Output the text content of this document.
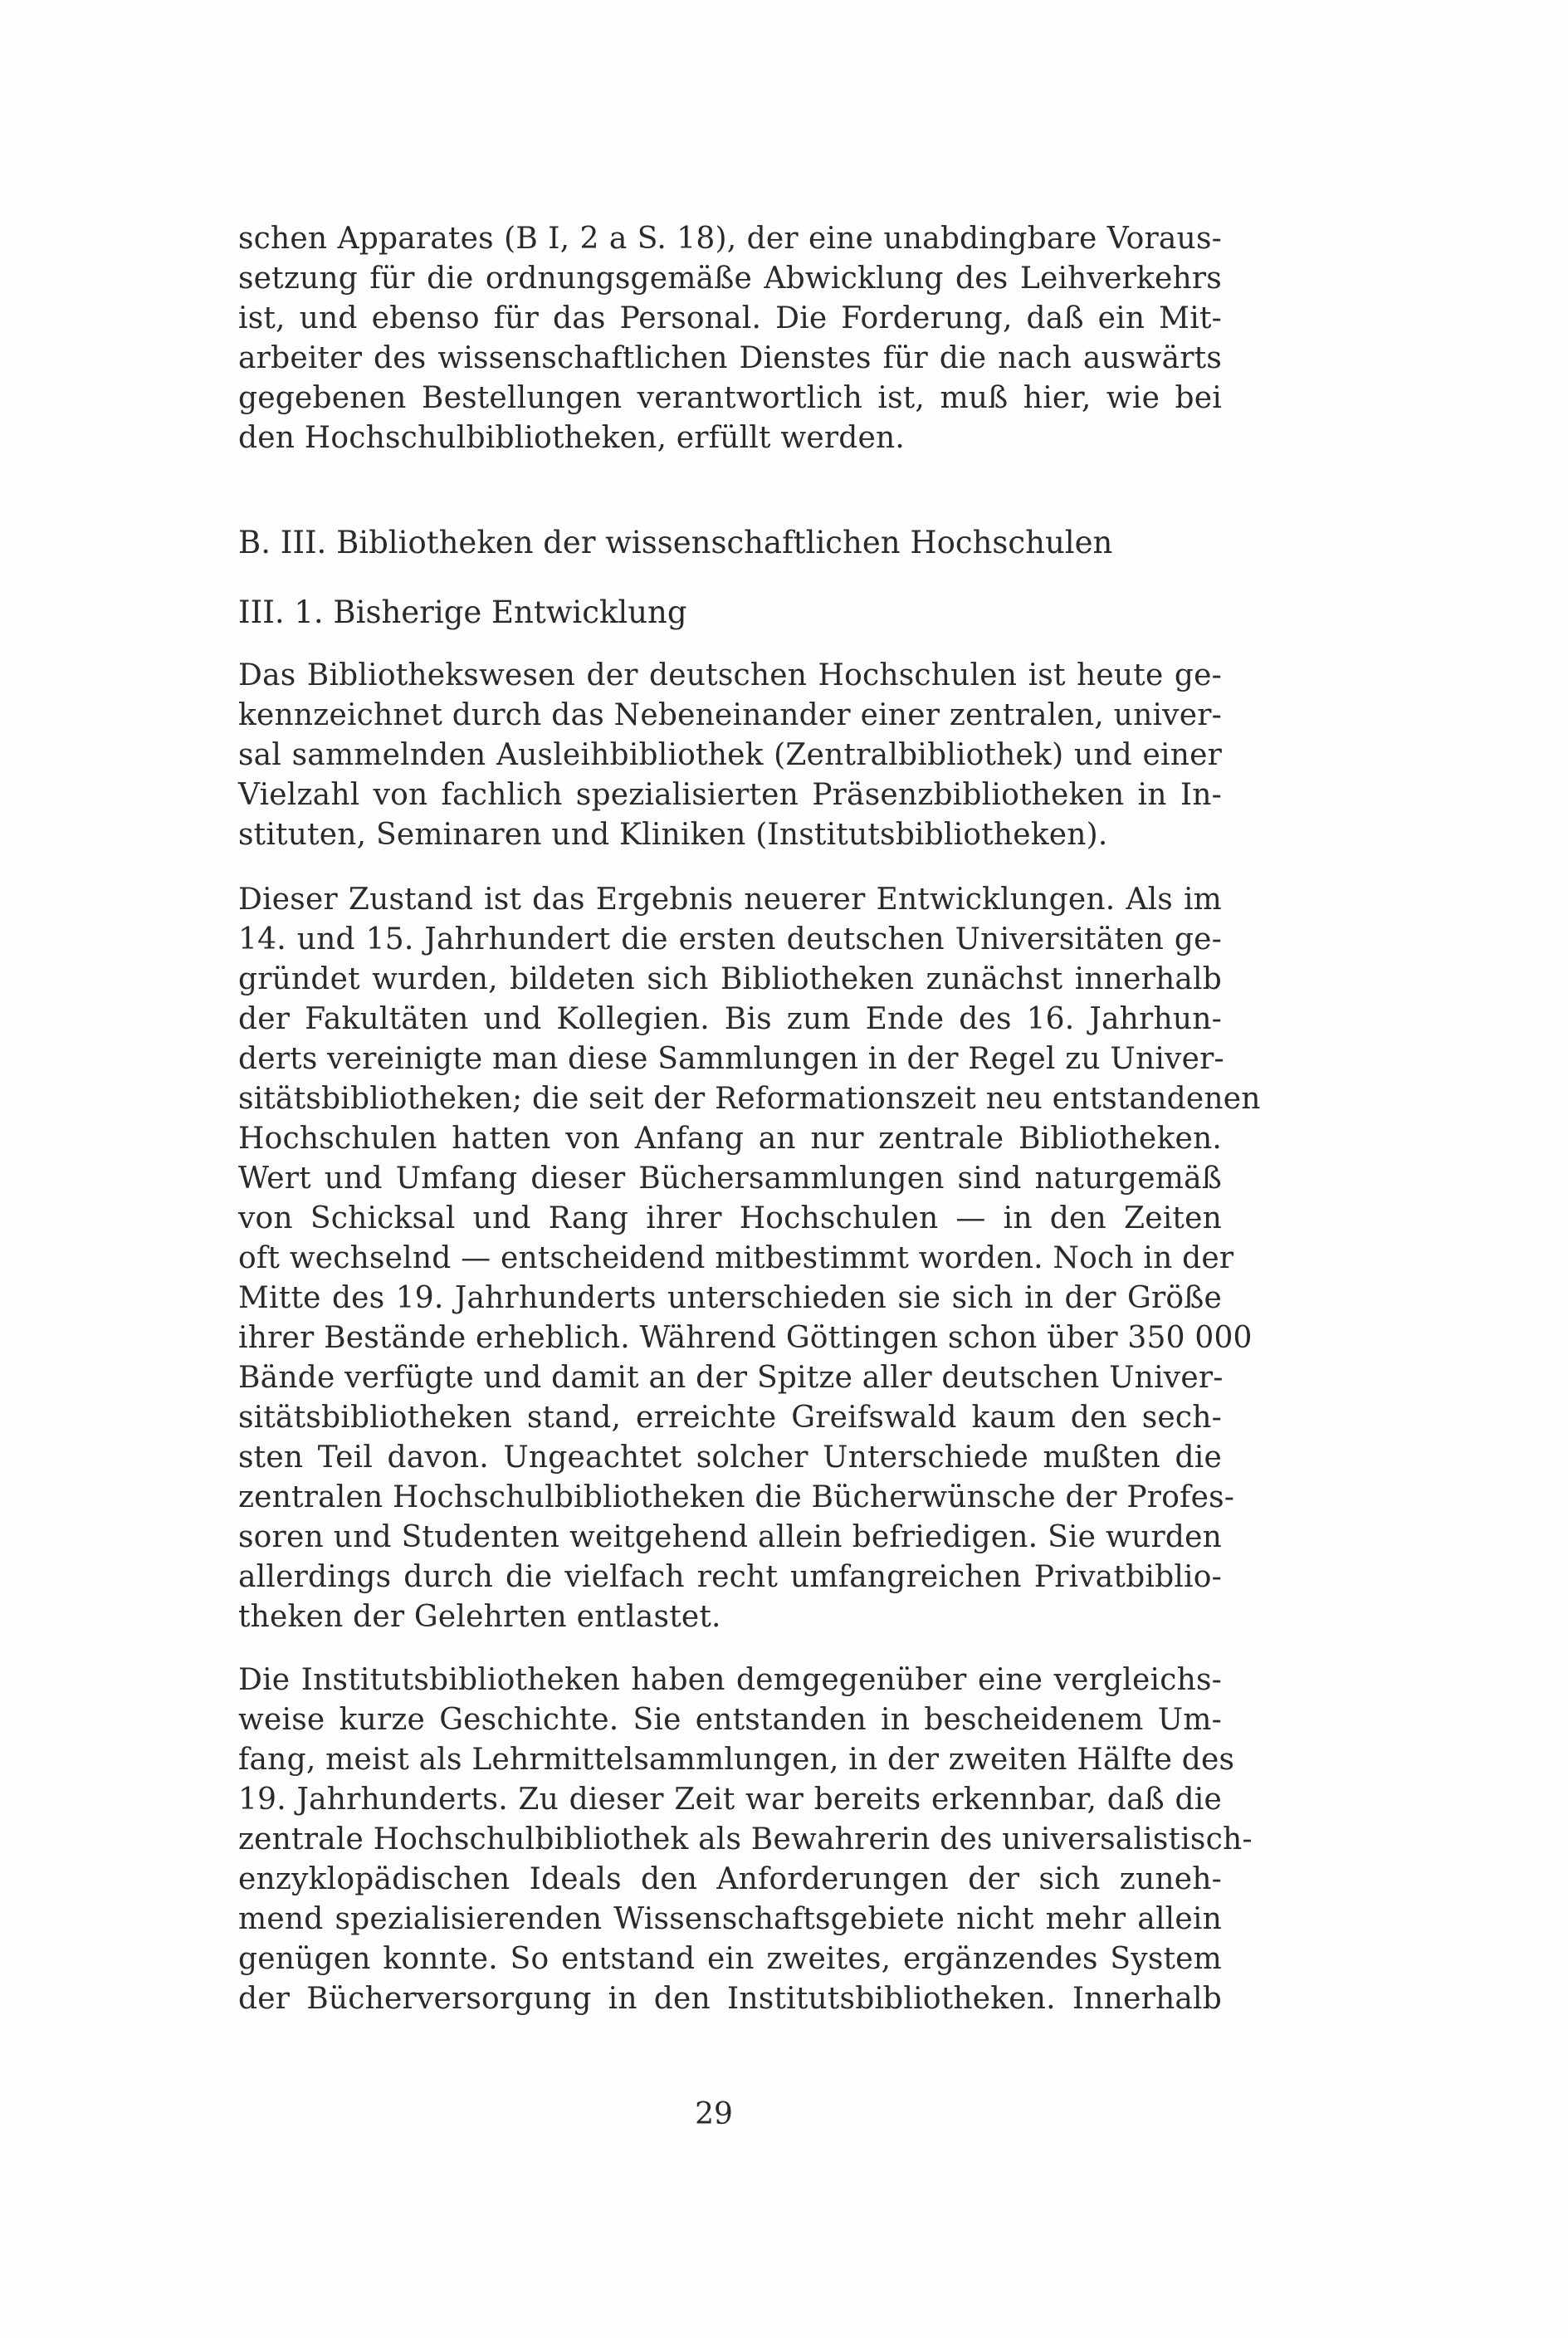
schen Apparates (B I, 2 a S. 18), der eine unabdingbare Voraus-
setzung für die ordnungsgemäße Abwicklung des Leihverkehrs
ist, und ebenso für das Personal. Die Forderung, daß ein Mit-
arbeiter des wissenschaftlichen Dienstes für die nach auswärts
gegebenen Bestellungen verantwortlich ist, muß hier, wie bei
den Hochschulbibliotheken, erfüllt werden.
B. III. Bibliotheken der wissenschaftlichen Hochschulen
III. 1. Bisherige Entwicklung
Das Bibliothekswesen der deutschen Hochschulen ist heute ge-
kennzeichnet durch das Nebeneinander einer zentralen, univer-
sal sammelnden Ausleihbibliothek (Zentralbibliothek) und einer
Vielzahl von fachlich spezialisierten Präsenzbibliotheken in In-
stituten, Seminaren und Kliniken (Institutsbibliotheken).
Dieser Zustand ist das Ergebnis neuerer Entwicklungen. Als im
14. und 15. Jahrhundert die ersten deutschen Universitäten ge-
gründet wurden, bildeten sich Bibliotheken zunächst innerhalb
der Fakultäten und Kollegien. Bis zum Ende des 16. Jahrhun-
derts vereinigte man diese Sammlungen in der Regel zu Univer-
sitätsbibliotheken; die seit der Reformationszeit neu entstandenen
Hochschulen hatten von Anfang an nur zentrale Bibliotheken.
Wert und Umfang dieser Büchersammlungen sind naturgemäß
von Schicksal und Rang ihrer Hochschulen — in den Zeiten
oft wechselnd — entscheidend mitbestimmt worden. Noch in der
Mitte des 19. Jahrhunderts unterschieden sie sich in der Größe
ihrer Bestände erheblich. Während Göttingen schon über 350 000
Bände verfügte und damit an der Spitze aller deutschen Univer-
sitätsbibliotheken stand, erreichte Greifswald kaum den sech-
sten Teil davon. Ungeachtet solcher Unterschiede mußten die
zentralen Hochschulbibliotheken die Bücherwünsche der Profes-
soren und Studenten weitgehend allein befriedigen. Sie wurden
allerdings durch die vielfach recht umfangreichen Privatbiblio-
theken der Gelehrten entlastet.
Die Institutsbibliotheken haben demgegenüber eine vergleichs-
weise kurze Geschichte. Sie entstanden in bescheidenem Um-
fang, meist als Lehrmittelsammlungen, in der zweiten Hälfte des
19. Jahrhunderts. Zu dieser Zeit war bereits erkennbar, daß die
zentrale Hochschulbibliothek als Bewahrerin des universalistisch-
enzyklopädischen Ideals den Anforderungen der sich zuneh-
mend spezialisierenden Wissenschaftsgebiete nicht mehr allein
genügen konnte. So entstand ein zweites, ergänzendes System
der Bücherversorgung in den Institutsbibliotheken. Innerhalb
29
